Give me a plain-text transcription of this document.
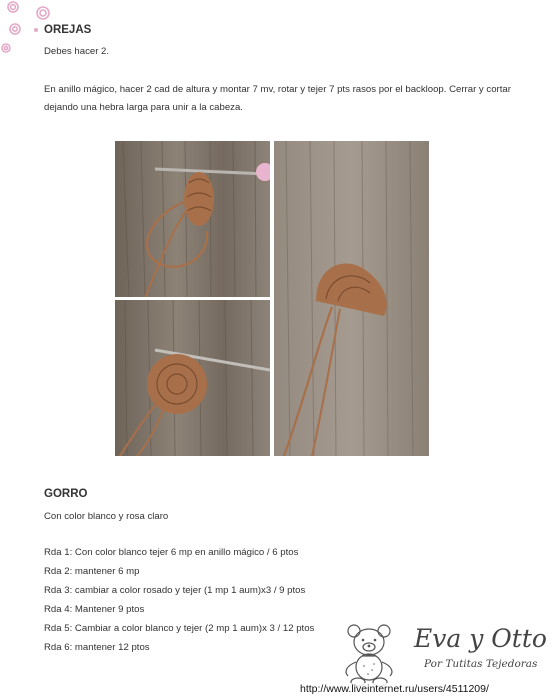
OREJAS

Debes hacer 2.

En anillo mágico, hacer 2 cad de altura y montar 7 mv, rotar y tejer 7 pts rasos por el backloop. Cerrar y cortar

dejando una hebra larga para unir a la cabeza.

GORRO

Con color blanco y rosa claro

Rda 1: Con color blanco tejer 6 mp en anillo mágico / 6 ptos
Rda 2: mantener 6 mp
Rda 3: cambiar a color rosado y tejer (1 mp 1 aum)x3 / 9 ptos
Rda 4: Mantener 9 ptos
Rda 5: Cambiar a color blanco y tejer (2 mp 1 aum)x 3 / 12 ptos
Rda 6: mantener 12 ptos	Eva y Otto
Por Tutitas Tejedoras
http://www.liveinternet.ru/users/4511209/
